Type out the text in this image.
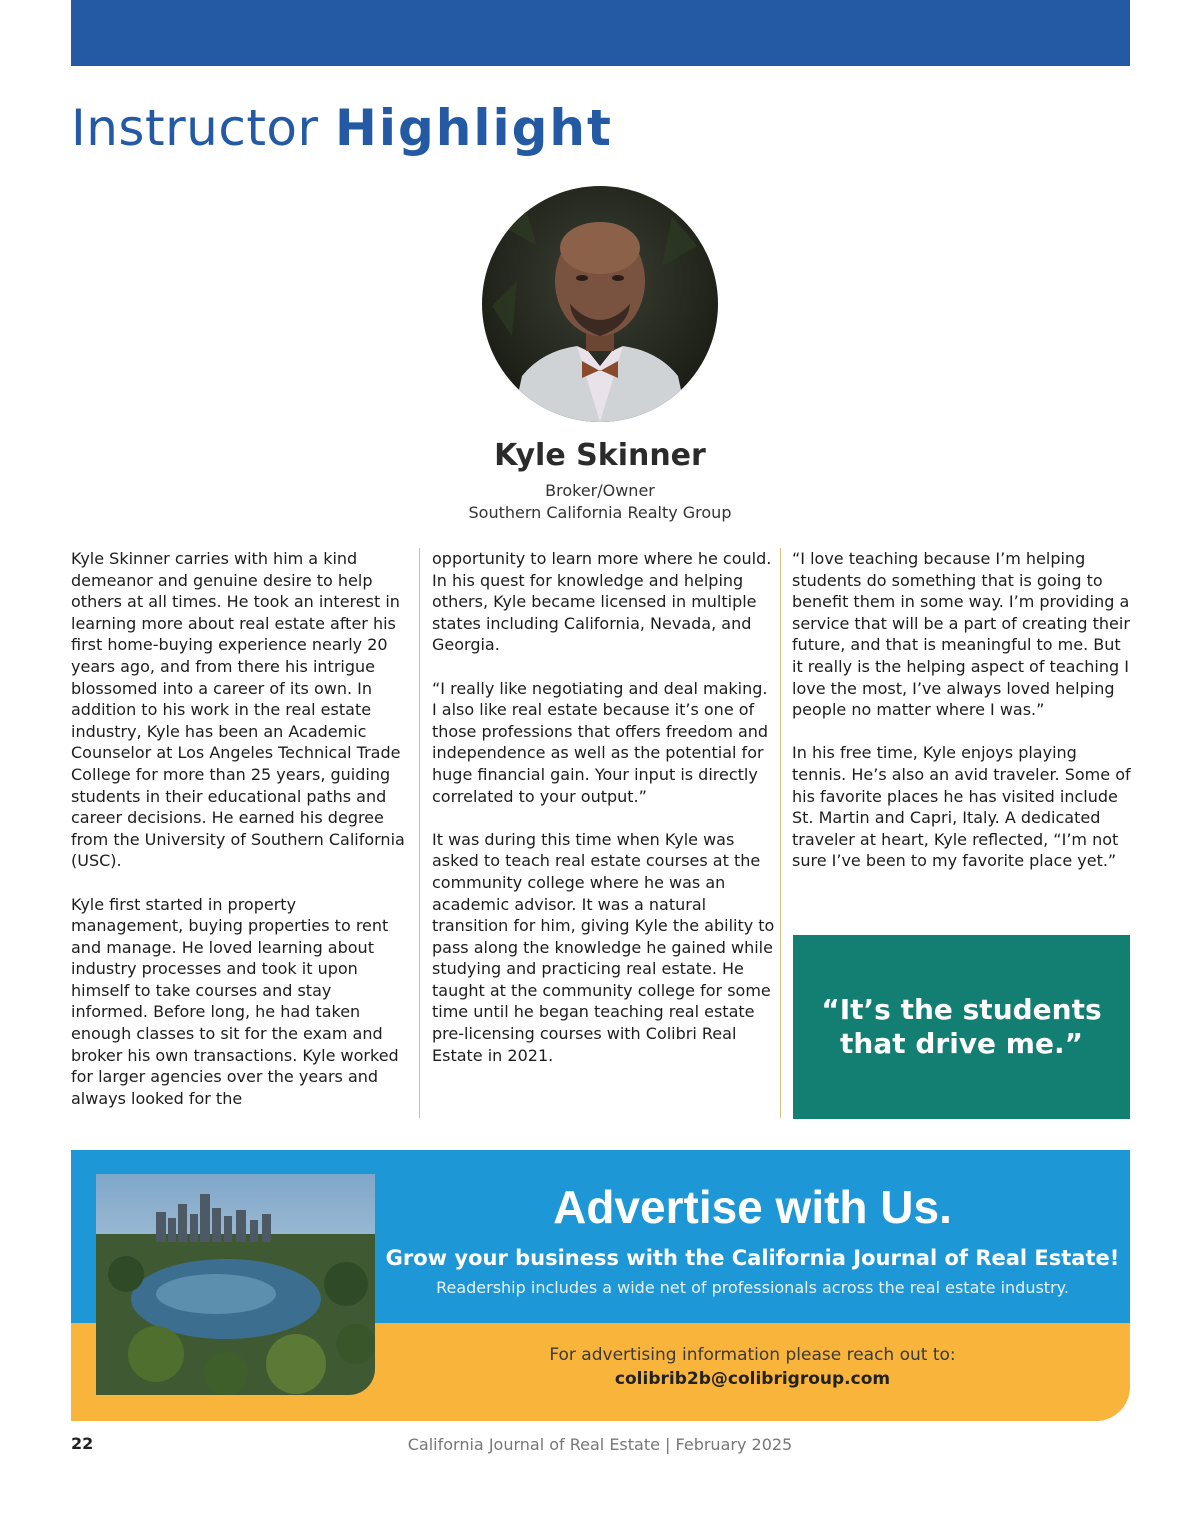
Instructor Highlight
Kyle Skinner
Broker/Owner
Southern California Realty Group

Kyle Skinner carries with him a kind demeanor and genuine desire to help others at all times. He took an interest in learning more about real estate after his first home-buying experience nearly 20 years ago, and from there his intrigue blossomed into a career of its own. In addition to his work in the real estate industry, Kyle has been an Academic Counselor at Los Angeles Technical Trade College for more than 25 years, guiding students in their educational paths and career decisions. He earned his degree from the University of Southern California (USC).

Kyle first started in property management, buying properties to rent and manage. He loved learning about industry processes and took it upon himself to take courses and stay informed. Before long, he had taken enough classes to sit for the exam and broker his own transactions. Kyle worked for larger agencies over the years and always looked for the

opportunity to learn more where he could. In his quest for knowledge and helping others, Kyle became licensed in multiple states including California, Nevada, and Georgia.

“I really like negotiating and deal making. I also like real estate because it’s one of those professions that offers freedom and independence as well as the potential for huge financial gain. Your input is directly correlated to your output.”

It was during this time when Kyle was asked to teach real estate courses at the community college where he was an academic advisor. It was a natural transition for him, giving Kyle the ability to pass along the knowledge he gained while studying and practicing real estate. He taught at the community college for some time until he began teaching real estate pre-licensing courses with Colibri Real Estate in 2021.

“I love teaching because I’m helping students do something that is going to benefit them in some way. I’m providing a service that will be a part of creating their future, and that is meaningful to me. But it really is the helping aspect of teaching I love the most, I’ve always loved helping people no matter where I was.”

In his free time, Kyle enjoys playing tennis. He’s also an avid traveler. Some of his favorite places he has visited include St. Martin and Capri, Italy. A dedicated traveler at heart, Kyle reflected, “I’m not sure I’ve been to my favorite place yet.”

“It’s the students that drive me.”
Advertise with Us.
Grow your business with the California Journal of Real Estate!
Readership includes a wide net of professionals across the real estate industry.
For advertising information please reach out to:
colibrib2b@colibrigroup.com
22	California Journal of Real Estate | February 2025
